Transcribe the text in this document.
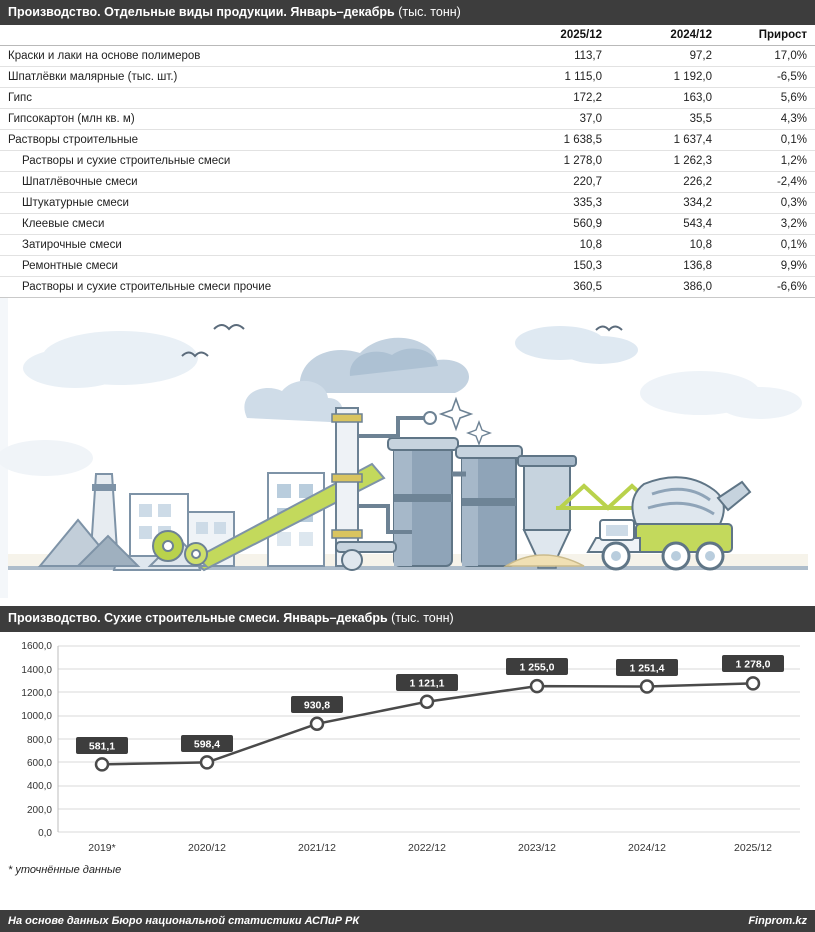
Производство. Отдельные виды продукции. Январь–декабрь (тыс. тонн)
	2025/12	2024/12	Прирост
Краски и лаки на основе полимеров	113,7	97,2	17,0%
Шпатлёвки малярные (тыс. шт.)	1 115,0	1 192,0	-6,5%
Гипс	172,2	163,0	5,6%
Гипсокартон (млн кв. м)	37,0	35,5	4,3%
Растворы строительные	1 638,5	1 637,4	0,1%
Растворы и сухие строительные смеси	1 278,0	1 262,3	1,2%
Шпатлёвочные смеси	220,7	226,2	-2,4%
Штукатурные смеси	335,3	334,2	0,3%
Клеевые смеси	560,9	543,4	3,2%
Затирочные смеси	10,8	10,8	0,1%
Ремонтные смеси	150,3	136,8	9,9%
Растворы и сухие строительные смеси прочие	360,5	386,0	-6,6%
Производство. Сухие строительные смеси. Январь–декабрь (тыс. тонн)
1600,0
1400,0
1200,0
1000,0
800,0
600,0
400,0
200,0
0,0
2019*	2020/12	2021/12	2022/12	2023/12	2024/12	2025/12
581,1	598,4
930,8
1 121,1
1 255,0	1 251,4	1 278,0
* уточнённые данные
На основе данных Бюро национальной статистики АСПиР РК	Finprom.kz
